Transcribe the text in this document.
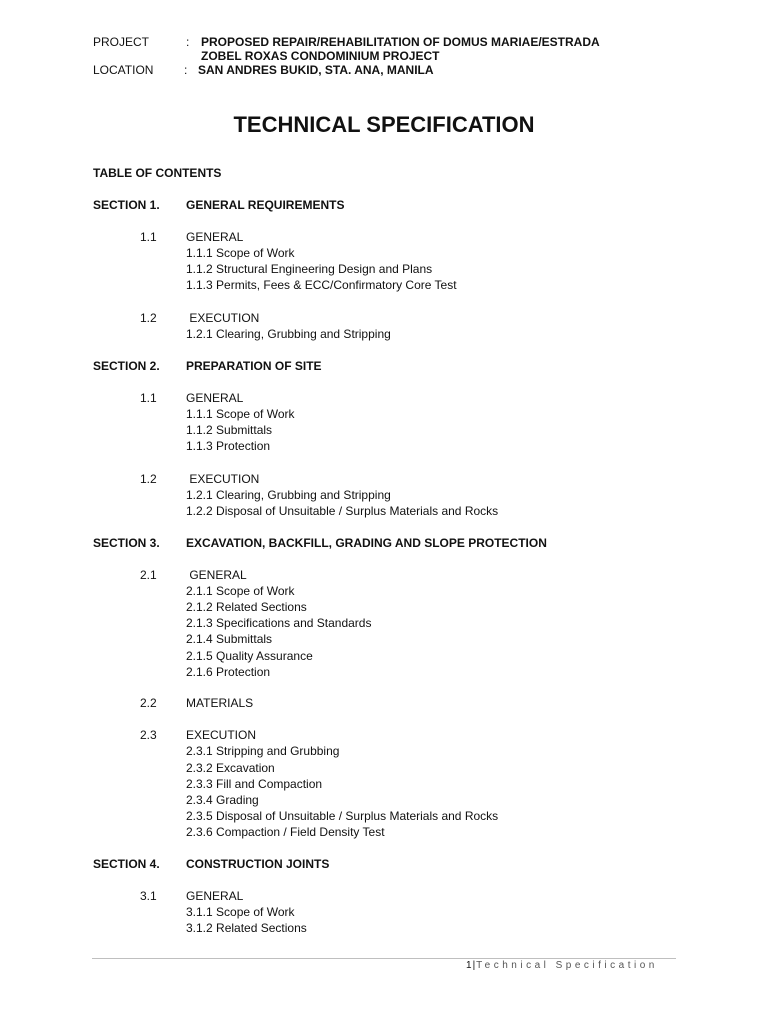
PROJECT	: PROPOSED REPAIR/REHABILITATION OF DOMUS MARIAE/ESTRADA
ZOBEL ROXAS CONDOMINIUM PROJECT
LOCATION	: SAN ANDRES BUKID, STA. ANA, MANILA
TECHNICAL SPECIFICATION
TABLE OF CONTENTS
SECTION 1. GENERAL REQUIREMENTS
1.1 GENERAL
1.1.1 Scope of Work
1.1.2 Structural Engineering Design and Plans
1.1.3 Permits, Fees & ECC/Confirmatory Core Test
1.2 EXECUTION
1.2.1 Clearing, Grubbing and Stripping
SECTION 2. PREPARATION OF SITE
1.1 GENERAL
1.1.1 Scope of Work
1.1.2 Submittals
1.1.3 Protection
1.2 EXECUTION
1.2.1 Clearing, Grubbing and Stripping
1.2.2 Disposal of Unsuitable / Surplus Materials and Rocks
SECTION 3. EXCAVATION, BACKFILL, GRADING AND SLOPE PROTECTION
2.1 GENERAL
2.1.1 Scope of Work
2.1.2 Related Sections
2.1.3 Specifications and Standards
2.1.4 Submittals
2.1.5 Quality Assurance
2.1.6 Protection
2.2 MATERIALS
2.3 EXECUTION
2.3.1 Stripping and Grubbing
2.3.2 Excavation
2.3.3 Fill and Compaction
2.3.4 Grading
2.3.5 Disposal of Unsuitable / Surplus Materials and Rocks
2.3.6 Compaction / Field Density Test
SECTION 4. CONSTRUCTION JOINTS
3.1 GENERAL
3.1.1 Scope of Work
3.1.2 Related Sections
1|Technical Specification
